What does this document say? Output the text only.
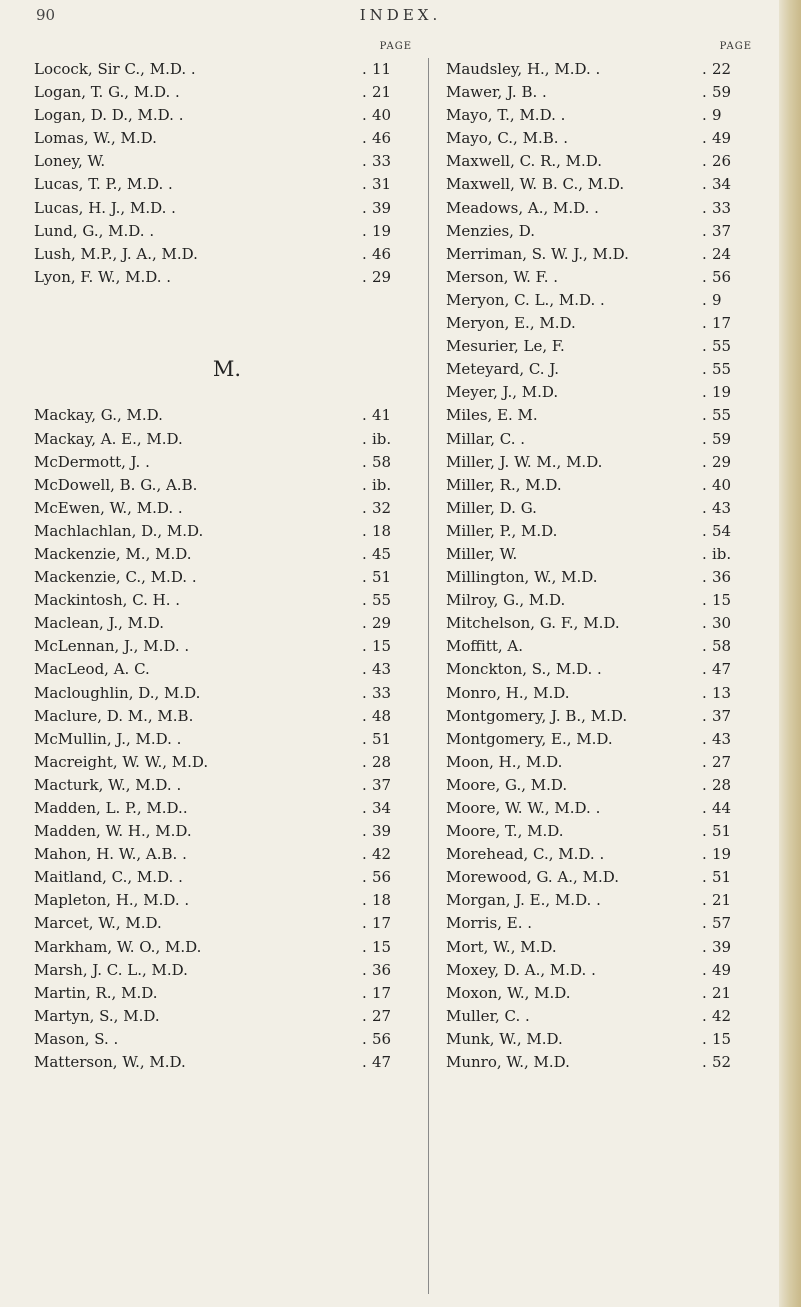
90	INDEX.
PAGE
Locock, Sir C., M.D. .	. 11
Logan, T. G., M.D. .	. 21
Logan, D. D., M.D. .	. 40
Lomas, W., M.D.	. 46
Loney, W.	. 33
Lucas, T. P., M.D. .	. 31
Lucas, H. J., M.D. .	. 39
Lund, G., M.D. .	. 19
Lush, M.P., J. A., M.D.	. 46
Lyon, F. W., M.D. .	. 29
M.
Mackay, G., M.D.	. 41
Mackay, A. E., M.D.	. ib.
McDermott, J. .	. 58
McDowell, B. G., A.B.	. ib.
McEwen, W., M.D. .	. 32
Machlachlan, D., M.D.	. 18
Mackenzie, M., M.D.	. 45
Mackenzie, C., M.D. .	. 51
Mackintosh, C. H. .	. 55
Maclean, J., M.D.	. 29
McLennan, J., M.D. .	. 15
MacLeod, A. C.	. 43
Macloughlin, D., M.D.	. 33
Maclure, D. M., M.B.	. 48
McMullin, J., M.D. .	. 51
Macreight, W. W., M.D.	. 28
Macturk, W., M.D. .	. 37
Madden, L. P., M.D..	. 34
Madden, W. H., M.D.	. 39
Mahon, H. W., A.B. .	. 42
Maitland, C., M.D. .	. 56
Mapleton, H., M.D. .	. 18
Marcet, W., M.D.	. 17
Markham, W. O., M.D.	. 15
Marsh, J. C. L., M.D.	. 36
Martin, R., M.D.	. 17
Martyn, S., M.D.	. 27
Mason, S. .	. 56
Matterson, W., M.D.	. 47
PAGE
Maudsley, H., M.D. .	. 22
Mawer, J. B. .	. 59
Mayo, T., M.D. .	. 9
Mayo, C., M.B. .	. 49
Maxwell, C. R., M.D.	. 26
Maxwell, W. B. C., M.D.	. 34
Meadows, A., M.D. .	. 33
Menzies, D.	. 37
Merriman, S. W. J., M.D.	. 24
Merson, W. F. .	. 56
Meryon, C. L., M.D. .	. 9
Meryon, E., M.D.	. 17
Mesurier, Le, F.	. 55
Meteyard, C. J.	. 55
Meyer, J., M.D.	. 19
Miles, E. M.	. 55
Millar, C. .	. 59
Miller, J. W. M., M.D.	. 29
Miller, R., M.D.	. 40
Miller, D. G.	. 43
Miller, P., M.D.	. 54
Miller, W.	. ib.
Millington, W., M.D.	. 36
Milroy, G., M.D.	. 15
Mitchelson, G. F., M.D.	. 30
Moffitt, A.	. 58
Monckton, S., M.D. .	. 47
Monro, H., M.D.	. 13
Montgomery, J. B., M.D.	. 37
Montgomery, E., M.D.	. 43
Moon, H., M.D.	. 27
Moore, G., M.D.	. 28
Moore, W. W., M.D. .	. 44
Moore, T., M.D.	. 51
Morehead, C., M.D. .	. 19
Morewood, G. A., M.D.	. 51
Morgan, J. E., M.D. .	. 21
Morris, E. .	. 57
Mort, W., M.D.	. 39
Moxey, D. A., M.D. .	. 49
Moxon, W., M.D.	. 21
Muller, C. .	. 42
Munk, W., M.D.	. 15
Munro, W., M.D.	. 52
